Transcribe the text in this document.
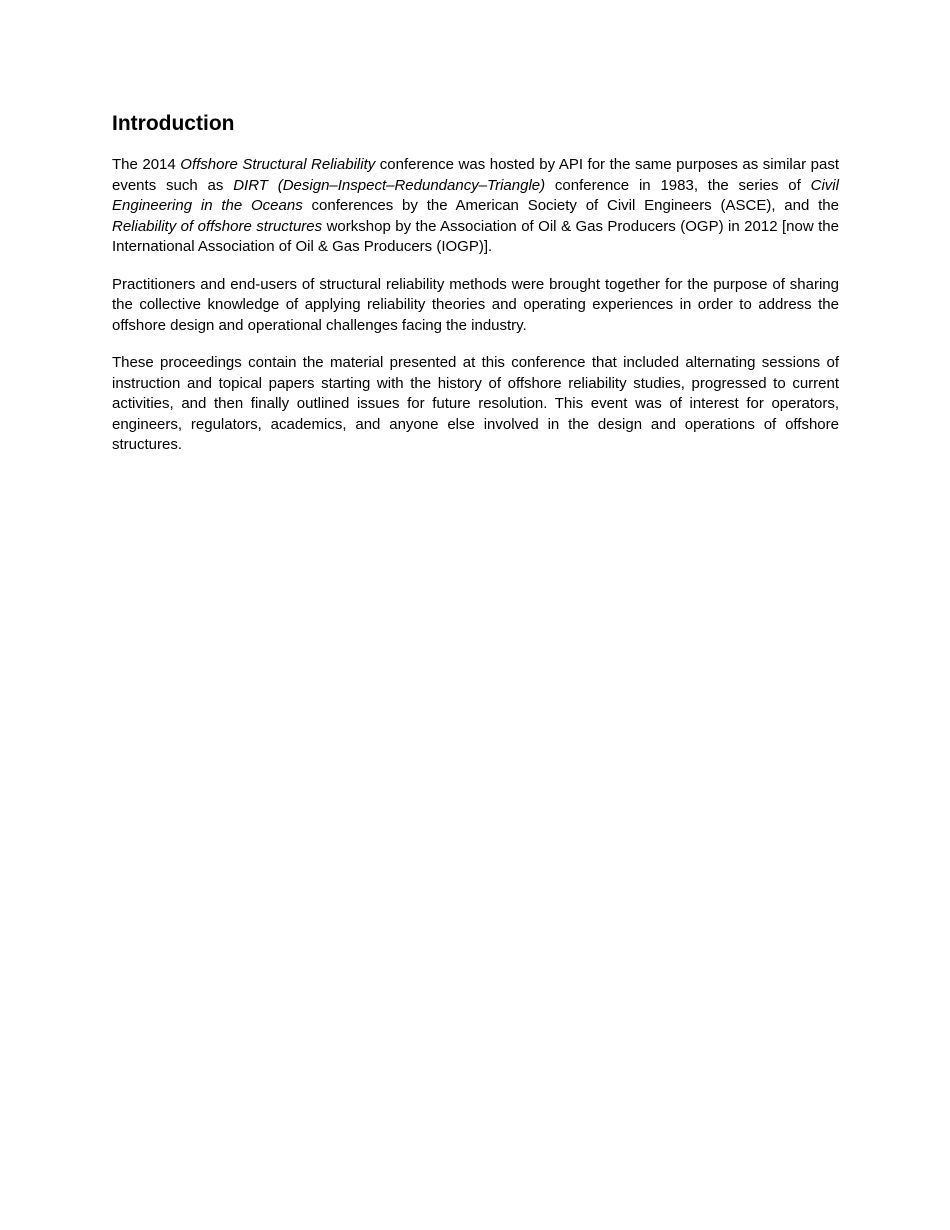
Introduction

The 2014 Offshore Structural Reliability conference was hosted by API for the same purposes as similar past events such as DIRT (Design–Inspect–Redundancy–Triangle) conference in 1983, the series of Civil Engineering in the Oceans conferences by the American Society of Civil Engineers (ASCE), and the Reliability of offshore structures workshop by the Association of Oil & Gas Producers (OGP) in 2012 [now the International Association of Oil & Gas Producers (IOGP)].

Practitioners and end-users of structural reliability methods were brought together for the purpose of sharing the collective knowledge of applying reliability theories and operating experiences in order to address the offshore design and operational challenges facing the industry.

These proceedings contain the material presented at this conference that included alternating sessions of instruction and topical papers starting with the history of offshore reliability studies, progressed to current activities, and then finally outlined issues for future resolution. This event was of interest for operators, engineers, regulators, academics, and anyone else involved in the design and operations of offshore structures.
